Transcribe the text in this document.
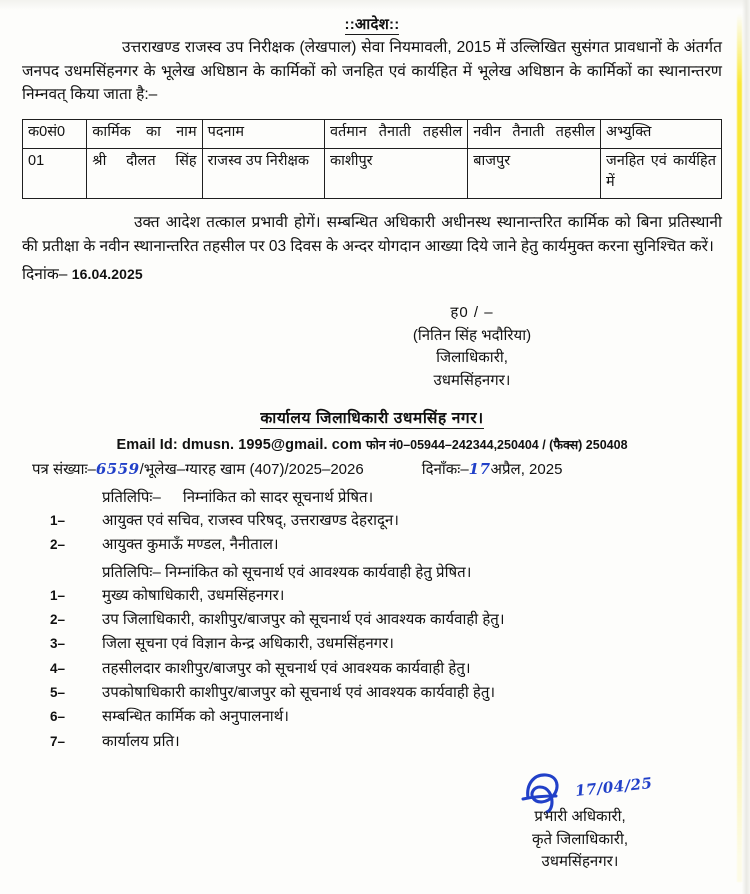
::आदेश::

उत्तराखण्ड राजस्व उप निरीक्षक (लेखपाल) सेवा नियमावली, 2015 में उल्लिखित सुसंगत प्रावधानों के अंतर्गत जनपद उधमसिंहनगर के भूलेख अधिष्ठान के कार्मिकों को जनहित एवं कार्यहित में भूलेख अधिष्ठान के कार्मिकों का स्थानान्तरण निम्नवत् किया जाता है:–

क0सं0	कार्मिक का नाम	पदनाम	वर्तमान तैनाती तहसील	नवीन तैनाती तहसील	अभ्युक्ति
01	श्री दौलत सिंह	राजस्व उप निरीक्षक	काशीपुर	बाजपुर	जनहित एवं कार्यहित में

उक्त आदेश तत्काल प्रभावी होगें। सम्बन्धित अधिकारी अधीनस्थ स्थानान्तरित कार्मिक को बिना प्रतिस्थानी की प्रतीक्षा के नवीन स्थानान्तरित तहसील पर 03 दिवस के अन्दर योगदान आख्या दिये जाने हेतु कार्यमुक्त करना सुनिश्चित करें।

दिनांक– 16.04.2025
ह0 / –
(नितिन सिंह भदौरिया)
जिलाधिकारी,
उधमसिंहनगर।
कार्यालय जिलाधिकारी उधमसिंह नगर।
Email Id: dmusn. 1995@gmail. com फोन नं0–05944–242344,250404 / (फैक्स) 250408
पत्र संख्याः–6559/भूलेख–ग्यारह खाम (407)/2025–2026	दिनाँकः–17अप्रैल, 2025
प्रतिलिपिः– निम्नांकित को सादर सूचनार्थ प्रेषित।
1–	आयुक्त एवं सचिव, राजस्व परिषद्, उत्तराखण्ड देहरादून।
2–	आयुक्त कुमाऊँ मण्डल, नैनीताल।
प्रतिलिपिः– निम्नांकित को सूचनार्थ एवं आवश्यक कार्यवाही हेतु प्रेषित।
1–	मुख्य कोषाधिकारी, उधमसिंहनगर।
2–	उप जिलाधिकारी, काशीपुर/बाजपुर को सूचनार्थ एवं आवश्यक कार्यवाही हेतु।
3–	जिला सूचना एवं विज्ञान केन्द्र अधिकारी, उधमसिंहनगर।
4–	तहसीलदार काशीपुर/बाजपुर को सूचनार्थ एवं आवश्यक कार्यवाही हेतु।
5–	उपकोषाधिकारी काशीपुर/बाजपुर को सूचनार्थ एवं आवश्यक कार्यवाही हेतु।
6–	सम्बन्धित कार्मिक को अनुपालनार्थ।
7–	कार्यालय प्रति।
17/04/25
प्रभारी अधिकारी,
कृते जिलाधिकारी,
उधमसिंहनगर।
